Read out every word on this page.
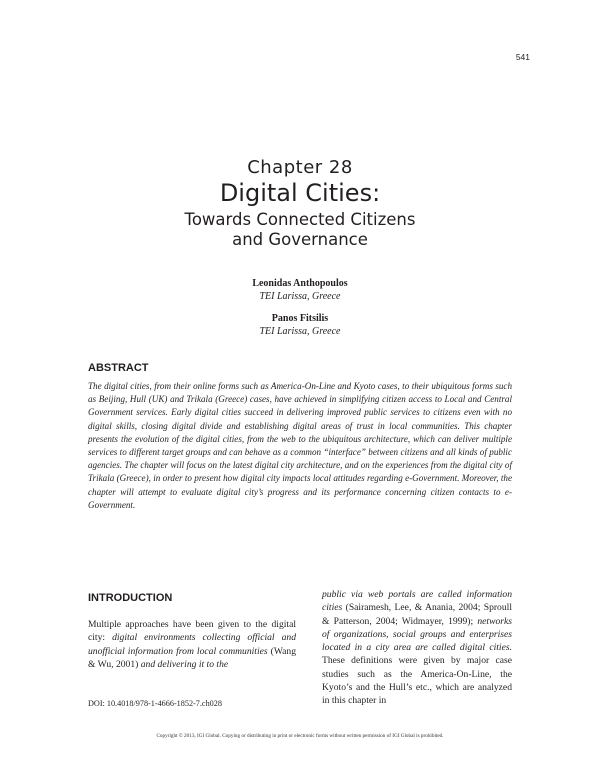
541
Chapter 28
Digital Cities:
Towards Connected Citizens
and Governance
Leonidas Anthopoulos
TEI Larissa, Greece
Panos Fitsilis
TEI Larissa, Greece
ABSTRACT
The digital cities, from their online forms such as America-On-Line and Kyoto cases, to their ubiquitous forms such as Beijing, Hull (UK) and Trikala (Greece) cases, have achieved in simplifying citizen access to Local and Central Government services. Early digital cities succeed in delivering improved public services to citizens even with no digital skills, closing digital divide and establishing digital areas of trust in local communities. This chapter presents the evolution of the digital cities, from the web to the ubiquitous architecture, which can deliver multiple services to different target groups and can behave as a common “interface” between citizens and all kinds of public agencies. The chapter will focus on the latest digital city architecture, and on the experiences from the digital city of Trikala (Greece), in order to present how digital city impacts local attitudes regarding e-Government. Moreover, the chapter will attempt to evaluate digital city’s progress and its performance concerning citizen contacts to e-Government.
INTRODUCTION
Multiple approaches have been given to the digital city: digital environments collecting official and unofficial information from local communities (Wang & Wu, 2001) and delivering it to the
public via web portals are called information cities (Sairamesh, Lee, & Anania, 2004; Sproull & Patterson, 2004; Widmayer, 1999); networks of organizations, social groups and enterprises located in a city area are called digital cities. These definitions were given by major case studies such as the America-On-Line, the Kyoto’s and the Hull’s etc., which are analyzed in this chapter in
DOI: 10.4018/978-1-4666-1852-7.ch028
Copyright © 2013, IGI Global. Copying or distributing in print or electronic forms without written permission of IGI Global is prohibited.
